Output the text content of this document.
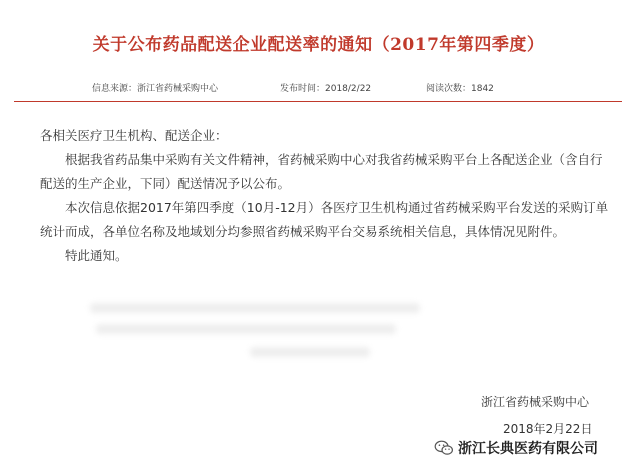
关于公布药品配送企业配送率的通知（2017年第四季度）
信息来源：浙江省药械采购中心	发布时间：2018/2/22	阅读次数：1842

各相关医疗卫生机构、配送企业：

根据我省药品集中采购有关文件精神，省药械采购中心对我省药械采购平台上各配送企业（含自行配送的生产企业，下同）配送情况予以公布。

本次信息依据2017年第四季度（10月-12月）各医疗卫生机构通过省药械采购平台发送的采购订单统计而成，各单位名称及地域划分均参照省药械采购平台交易系统相关信息，具体情况见附件。

特此通知。

浙江省药械采购中心
2018年2月22日
浙江长典医药有限公司
